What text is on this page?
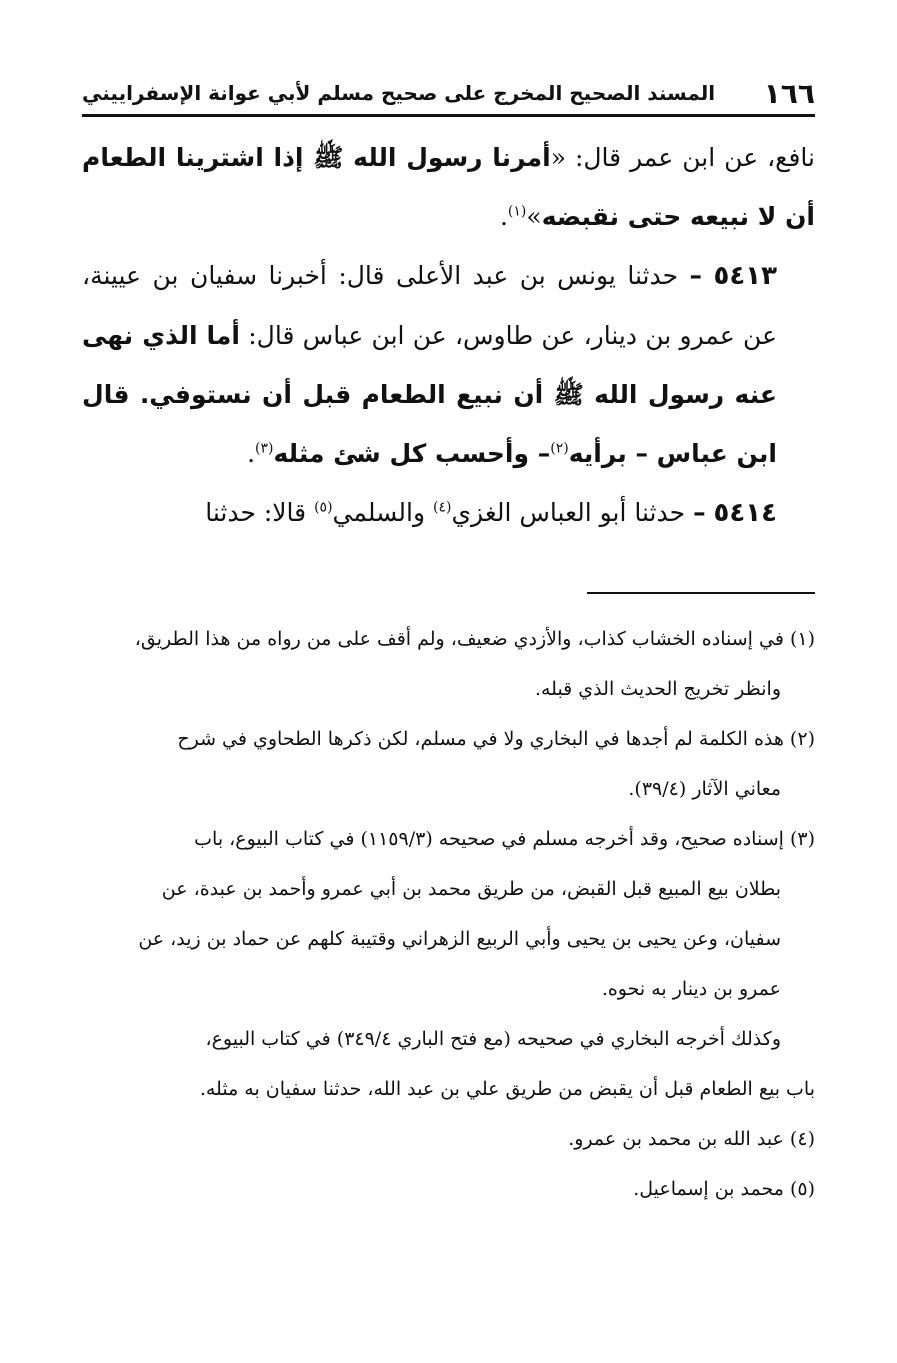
١٦٦
المسند الصحيح المخرج على صحيح مسلم لأبي عوانة الإسفراييني

نافع، عن ابن عمر قال: «أمرنا رسول الله ﷺ إذا اشترينا الطعام أن لا نبيعه حتى نقبضه»$^{(١)}$.

٥٤١٣ – حدثنا يونس بن عبد الأعلى قال: أخبرنا سفيان بن عيينة، عن عمرو بن دينار، عن طاوس، عن ابن عباس قال: أما الذي نهى عنه رسول الله ﷺ أن نبيع الطعام قبل أن نستوفي. قال ابن عباس – برأيه$^{(٢)}$– وأحسب كل شئ مثله$^{(٣)}$.

٥٤١٤ – حدثنا أبو العباس الغزي$^{(٤)}$ والسلمي$^{(٥)}$ قالا: حدثنا

(١) في إسناده الخشاب كذاب، والأزدي ضعيف، ولم أقف على من رواه من هذا الطريق،
وانظر تخريج الحديث الذي قبله.

(٢) هذه الكلمة لم أجدها في البخاري ولا في مسلم، لكن ذكرها الطحاوي في شرح
معاني الآثار (٣٩/٤).

(٣) إسناده صحيح، وقد أخرجه مسلم في صحيحه (١١٥٩/٣) في كتاب البيوع، باب
بطلان بيع المبيع قبل القبض، من طريق محمد بن أبي عمرو وأحمد بن عبدة، عن
سفيان، وعن يحيى بن يحيى وأبي الربيع الزهراني وقتيبة كلهم عن حماد بن زيد، عن
عمرو بن دينار به نحوه.

وكذلك أخرجه البخاري في صحيحه (مع فتح الباري ٣٤٩/٤) في كتاب البيوع،
باب بيع الطعام قبل أن يقبض من طريق علي بن عبد الله، حدثنا سفيان به مثله.

(٤) عبد الله بن محمد بن عمرو.

(٥) محمد بن إسماعيل.
